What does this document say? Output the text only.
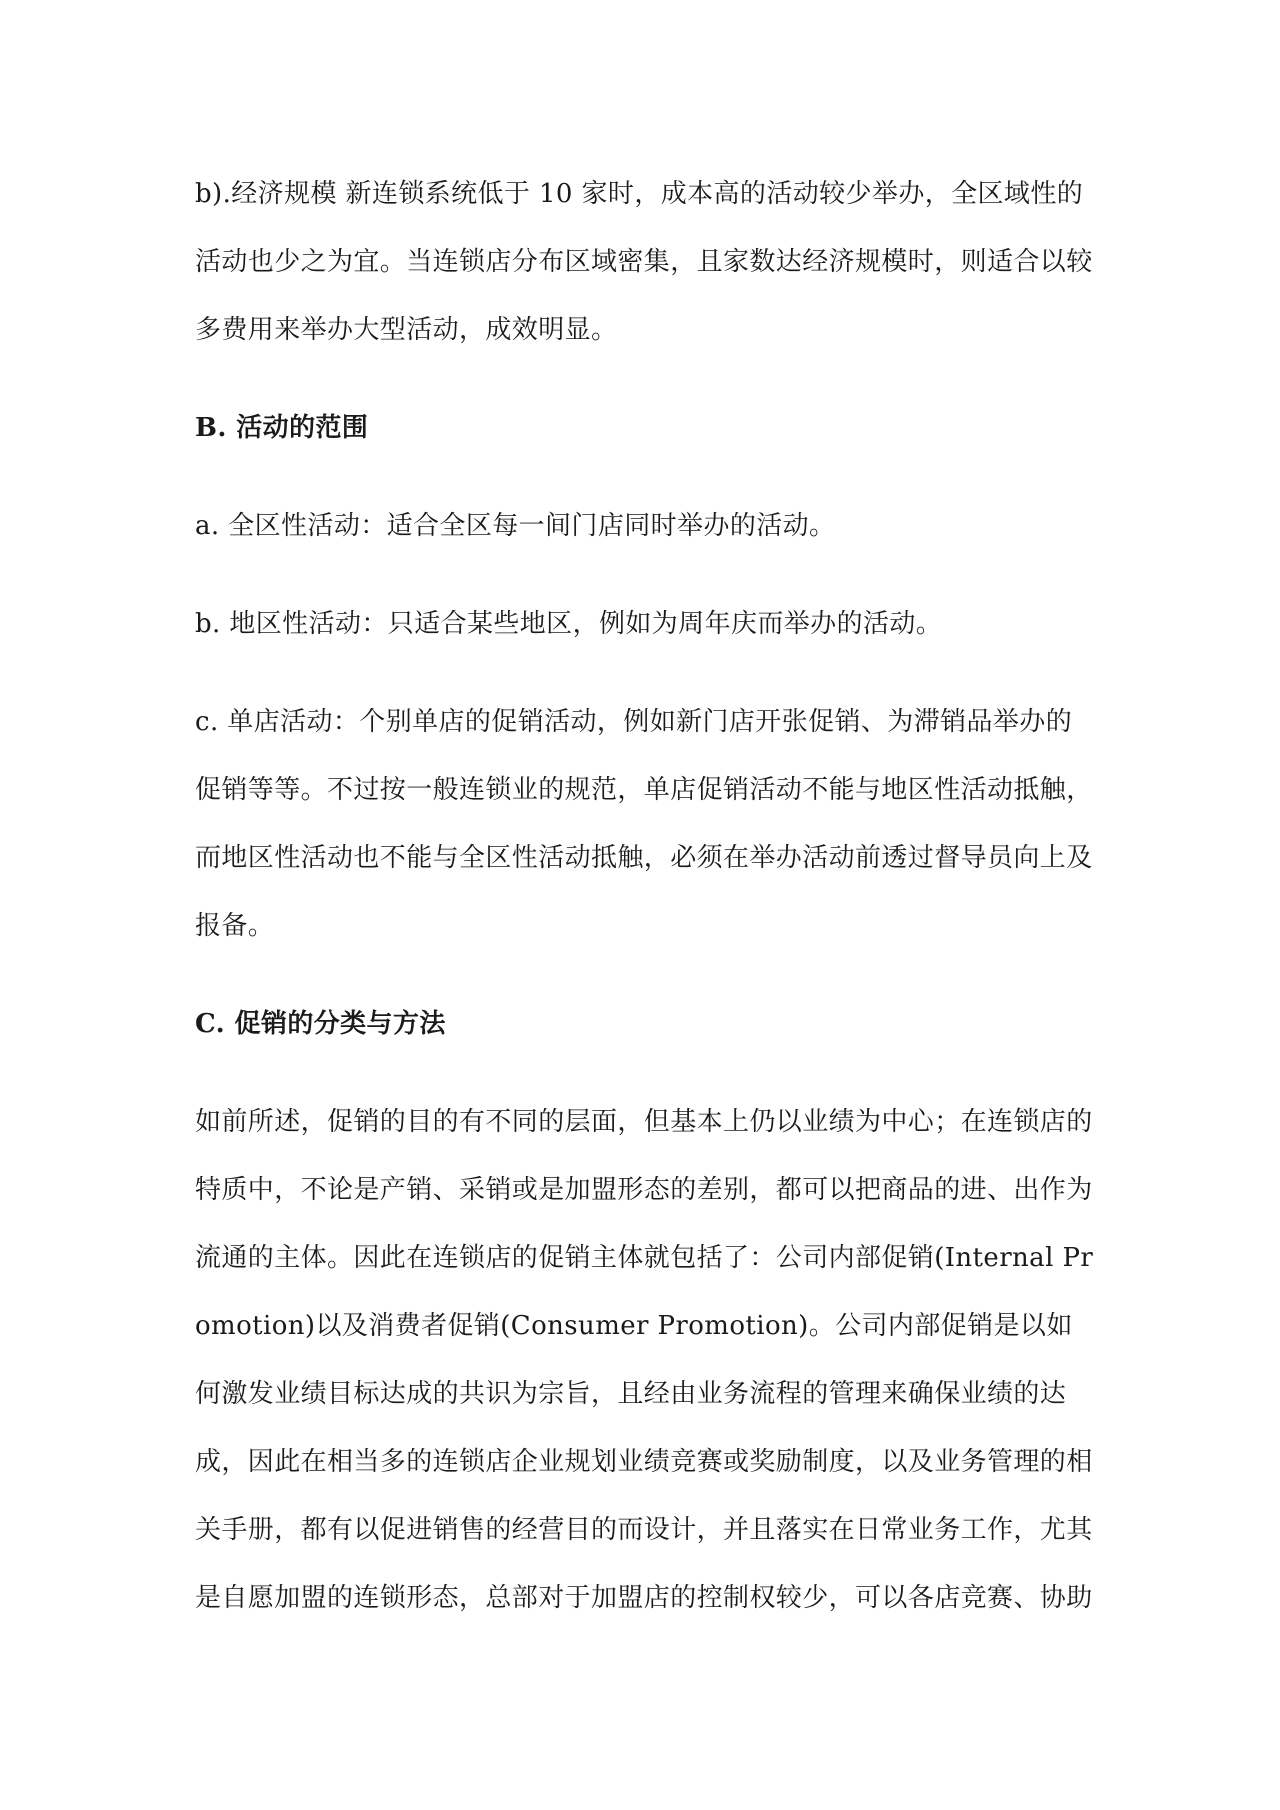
b).经济规模 新连锁系统低于 10 家时，成本高的活动较少举办，全区域性的活动也少之为宜。当连锁店分布区域密集，且家数达经济规模时，则适合以较多费用来举办大型活动，成效明显。

B. 活动的范围

a. 全区性活动：适合全区每一间门店同时举办的活动。

b. 地区性活动：只适合某些地区，例如为周年庆而举办的活动。

c. 单店活动：个别单店的促销活动，例如新门店开张促销、为滞销品举办的促销等等。不过按一般连锁业的规范，单店促销活动不能与地区性活动抵触，而地区性活动也不能与全区性活动抵触，必须在举办活动前透过督导员向上及报备。

C. 促销的分类与方法

如前所述，促销的目的有不同的层面，但基本上仍以业绩为中心；在连锁店的特质中，不论是产销、采销或是加盟形态的差别，都可以把商品的进、出作为流通的主体。因此在连锁店的促销主体就包括了：公司内部促销(Internal Promotion)以及消费者促销(Consumer Promotion)。公司内部促销是以如何激发业绩目标达成的共识为宗旨，且经由业务流程的管理来确保业绩的达成，因此在相当多的连锁店企业规划业绩竞赛或奖励制度，以及业务管理的相关手册，都有以促进销售的经营目的而设计，并且落实在日常业务工作，尤其是自愿加盟的连锁形态，总部对于加盟店的控制权较少，可以各店竞赛、协助
